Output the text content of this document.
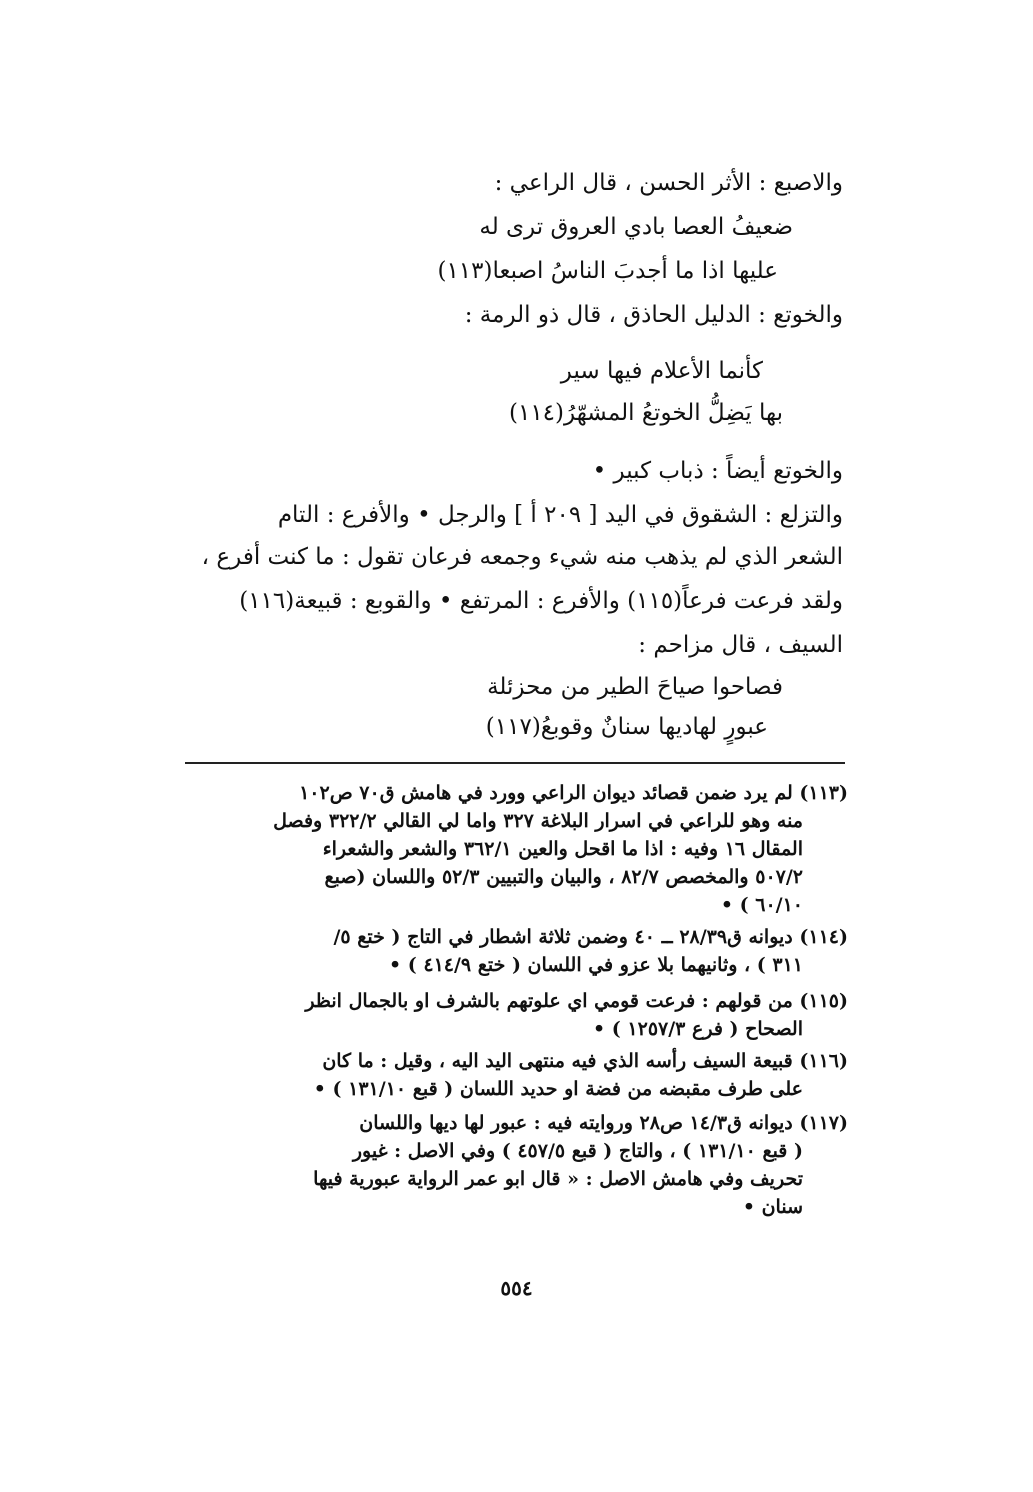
والاصبع : الأثر الحسن ، قال الراعي :
ضعيفُ العصا بادي العروق ترى له
عليها اذا ما أجدبَ الناسُ اصبعا(١١٣)
والخوتع : الدليل الحاذق ، قال ذو الرمة :
كأنما الأعلام فيها سير
بها يَضِلُّ الخوتعُ المشهّرُ(١١٤)
والخوتع أيضاً : ذباب كبير •
والتزلع : الشقوق في اليد [ ٢٠٩ أ ] والرجل • والأفرع : التام
الشعر الذي لم يذهب منه شيء وجمعه فرعان تقول : ما كنت أفرع ،
ولقد فرعت فرعاً(١١٥) والأفرع : المرتفع • والقوبع : قبيعة(١١٦)
السيف ، قال مزاحم :
فصاحوا صياحَ الطير من محزئلة
عبورٍ لهاديها سنانٌ وقوبعُ(١١٧)
(١١٣) لم يرد ضمن قصائد ديوان الراعي وورد في هامش ق٧٠ ص١٠٢
منه وهو للراعي في اسرار البلاغة ٣٢٧ واما لي القالي ٣٢٢/٢ وفصل
المقال ١٦ وفيه : اذا ما اقحل والعين ٣٦٢/١ والشعر والشعراء
٥٠٧/٢ والمخصص ٨٢/٧ ، والبيان والتبيين ٥٢/٣ واللسان (صبع
٦٠/١٠ ) •
(١١٤) ديوانه ق٢٨/٣٩ ــ ٤٠ وضمن ثلاثة اشطار في التاج ( ختع ٥/
٣١١ ) ، وثانيهما بلا عزو في اللسان ( ختع ٤١٤/٩ ) •
(١١٥) من قولهم : فرعت قومي اي علوتهم بالشرف او بالجمال انظر
الصحاح ( فرع ١٢٥٧/٣ ) •
(١١٦) قبيعة السيف رأسه الذي فيه منتهى اليد اليه ، وقيل : ما كان
على طرف مقبضه من فضة او حديد اللسان ( قبع ١٣١/١٠ ) •
(١١٧) ديوانه ق١٤/٣ ص٢٨ وروايته فيه : عبور لها ديها واللسان
( قبع ١٣١/١٠ ) ، والتاج ( قبع ٤٥٧/٥ ) وفي الاصل : غيور
تحريف وفي هامش الاصل : « قال ابو عمر الرواية عبورية فيها
سنان •
٥٥٤
